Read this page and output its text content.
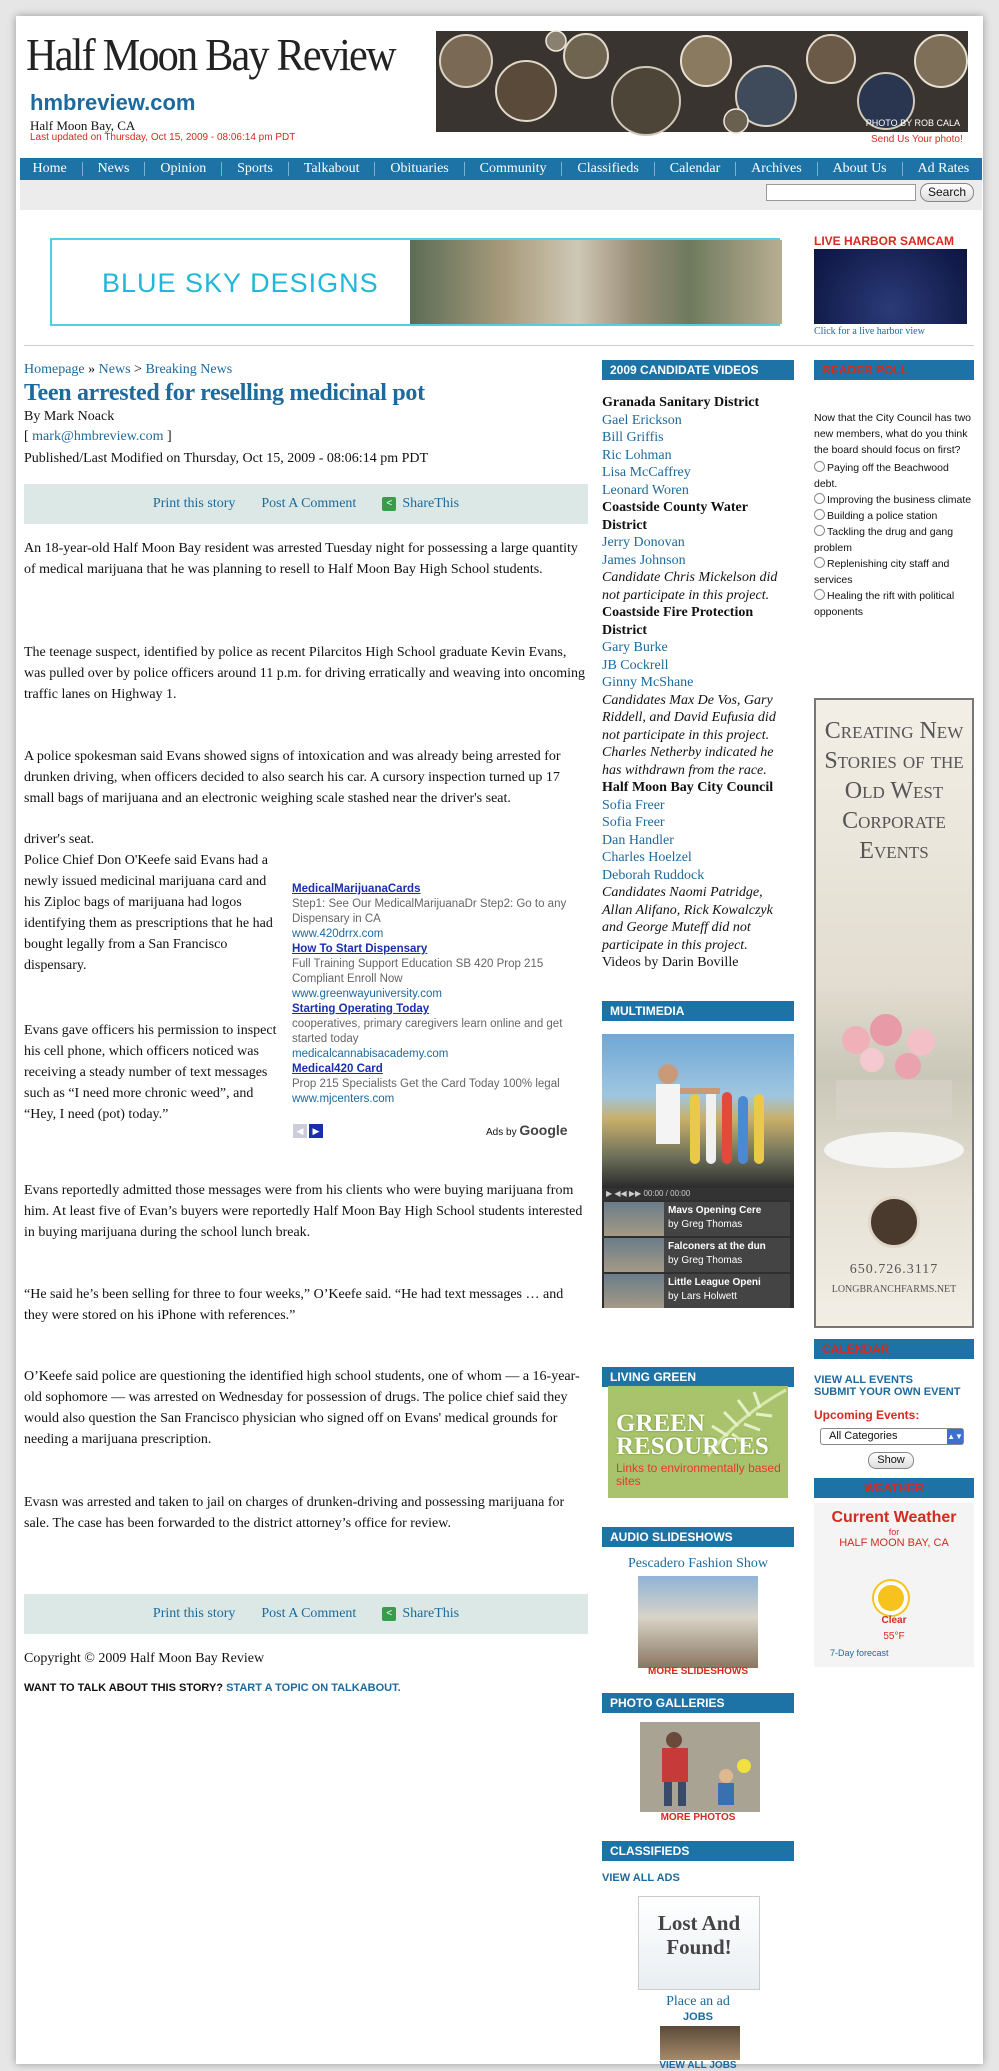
Half Moon Bay Review
hmbreview.com
Half Moon Bay, CA
Last updated on Thursday, Oct 15, 2009 - 08:06:14 pm PDT
PHOTO BY ROB CALA
Send Us Your photo!
Home	News	Opinion	Sports	Talkabout	Obituaries	Community	Classifieds	Calendar	Archives	About Us	Ad Rates
Search
BLUE SKY DESIGNS
LIVE HARBOR SAMCAM
Click for a live harbor view
Homepage » News > Breaking News
Teen arrested for reselling medicinal pot
By Mark Noack
[ mark@hmbreview.com ]
Published/Last Modified on Thursday, Oct 15, 2009 - 08:06:14 pm PDT
Print this story Post A Comment	< ShareThis
An 18-year-old Half Moon Bay resident was arrested Tuesday night for possessing a large quantity of medical marijuana that he was planning to resell to Half Moon Bay High School students.
The teenage suspect, identified by police as recent Pilarcitos High School graduate Kevin Evans, was pulled over by police officers around 11 p.m. for driving erratically and weaving into oncoming traffic lanes on Highway 1.
A police spokesman said Evans showed signs of intoxication and was already being arrested for drunken driving, when officers decided to also search his car. A cursory inspection turned up 17 small bags of marijuana and an electronic weighing scale stashed near the driver's seat.
driver's seat.
Police Chief Don O'Keefe said Evans had a newly issued medicinal marijuana card and his Ziploc bags of marijuana had logos identifying them as prescriptions that he had bought legally from a San Francisco dispensary.
Evans gave officers his permission to inspect his cell phone, which officers noticed was receiving a steady number of text messages such as “I need more chronic weed”, and “Hey, I need (pot) today.”
Evans reportedly admitted those messages were from his clients who were buying marijuana from him. At least five of Evan’s buyers were reportedly Half Moon Bay High School students interested in buying marijuana during the school lunch break.
“He said he’s been selling for three to four weeks,” O’Keefe said. “He had text messages … and they were stored on his iPhone with references.”
O’Keefe said police are questioning the identified high school students, one of whom — a 16-year-old sophomore — was arrested on Wednesday for possession of drugs. The police chief said they would also question the San Francisco physician who signed off on Evans' medical grounds for needing a marijuana prescription.
Evasn was arrested and taken to jail on charges of drunken-driving and possessing marijuana for sale. The case has been forwarded to the district attorney’s office for review.
MedicalMarijuanaCards
Step1: See Our MedicalMarijuanaDr Step2: Go to any Dispensary in CA
www.420drrx.com
How To Start Dispensary
Full Training Support Education SB 420 Prop 215 Compliant Enroll Now
www.greenwayuniversity.com
Starting Operating Today
cooperatives, primary caregivers learn online and get started today
medicalcannabisacademy.com
Medical420 Card
Prop 215 Specialists Get the Card Today 100% legal
www.mjcenters.com
◀	▶	Ads by Google
Print this story Post A Comment	< ShareThis
Copyright © 2009 Half Moon Bay Review
WANT TO TALK ABOUT THIS STORY? START A TOPIC ON TALKABOUT.
2009 CANDIDATE VIDEOS
Granada Sanitary District
Gael Erickson
Bill Griffis
Ric Lohman
Lisa McCaffrey
Leonard Woren
Coastside County Water District
Jerry Donovan
James Johnson
Candidate Chris Mickelson did not participate in this project.
Coastside Fire Protection District
Gary Burke
JB Cockrell
Ginny McShane
Candidates Max De Vos, Gary Riddell, and David Eufusia did not participate in this project. Charles Netherby indicated he has withdrawn from the race.
Half Moon Bay City Council
Sofia Freer
Sofia Freer
Dan Handler
Charles Hoelzel
Deborah Ruddock
Candidates Naomi Patridge, Allan Alifano, Rick Kowalczyk and George Muteff did not participate in this project.
Videos by Darin Boville
MULTIMEDIA
▶ ◀◀ ▶▶ 00:00 / 00:00
Mavs Opening Cere
by Greg Thomas
Falconers at the dun
by Greg Thomas
Little League Openi
by Lars Holwett
LIVING GREEN
GREEN RESOURCES
Links to environmentally based sites
AUDIO SLIDESHOWS
Pescadero Fashion Show
MORE SLIDESHOWS
PHOTO GALLERIES
MORE PHOTOS
CLASSIFIEDS
VIEW ALL ADS
Lost And Found!
Place an ad
JOBS
VIEW ALL JOBS
READER POLL
Now that the City Council has two new members, what do you think the board should focus on first?
Paying off the Beachwood debt.
Improving the business climate
Building a police station
Tackling the drug and gang problem
Replenishing city staff and services
Healing the rift with political opponents
Creating New Stories of the Old West Corporate Events
650.726.3117
LONGBRANCHFARMS.NET
CALENDAR
VIEW ALL EVENTS
SUBMIT YOUR OWN EVENT
Upcoming Events:
All Categories	▲▼
Show
WEATHER
Current Weather
for
HALF MOON BAY, CA
Clear
55°F
7-Day forecast
